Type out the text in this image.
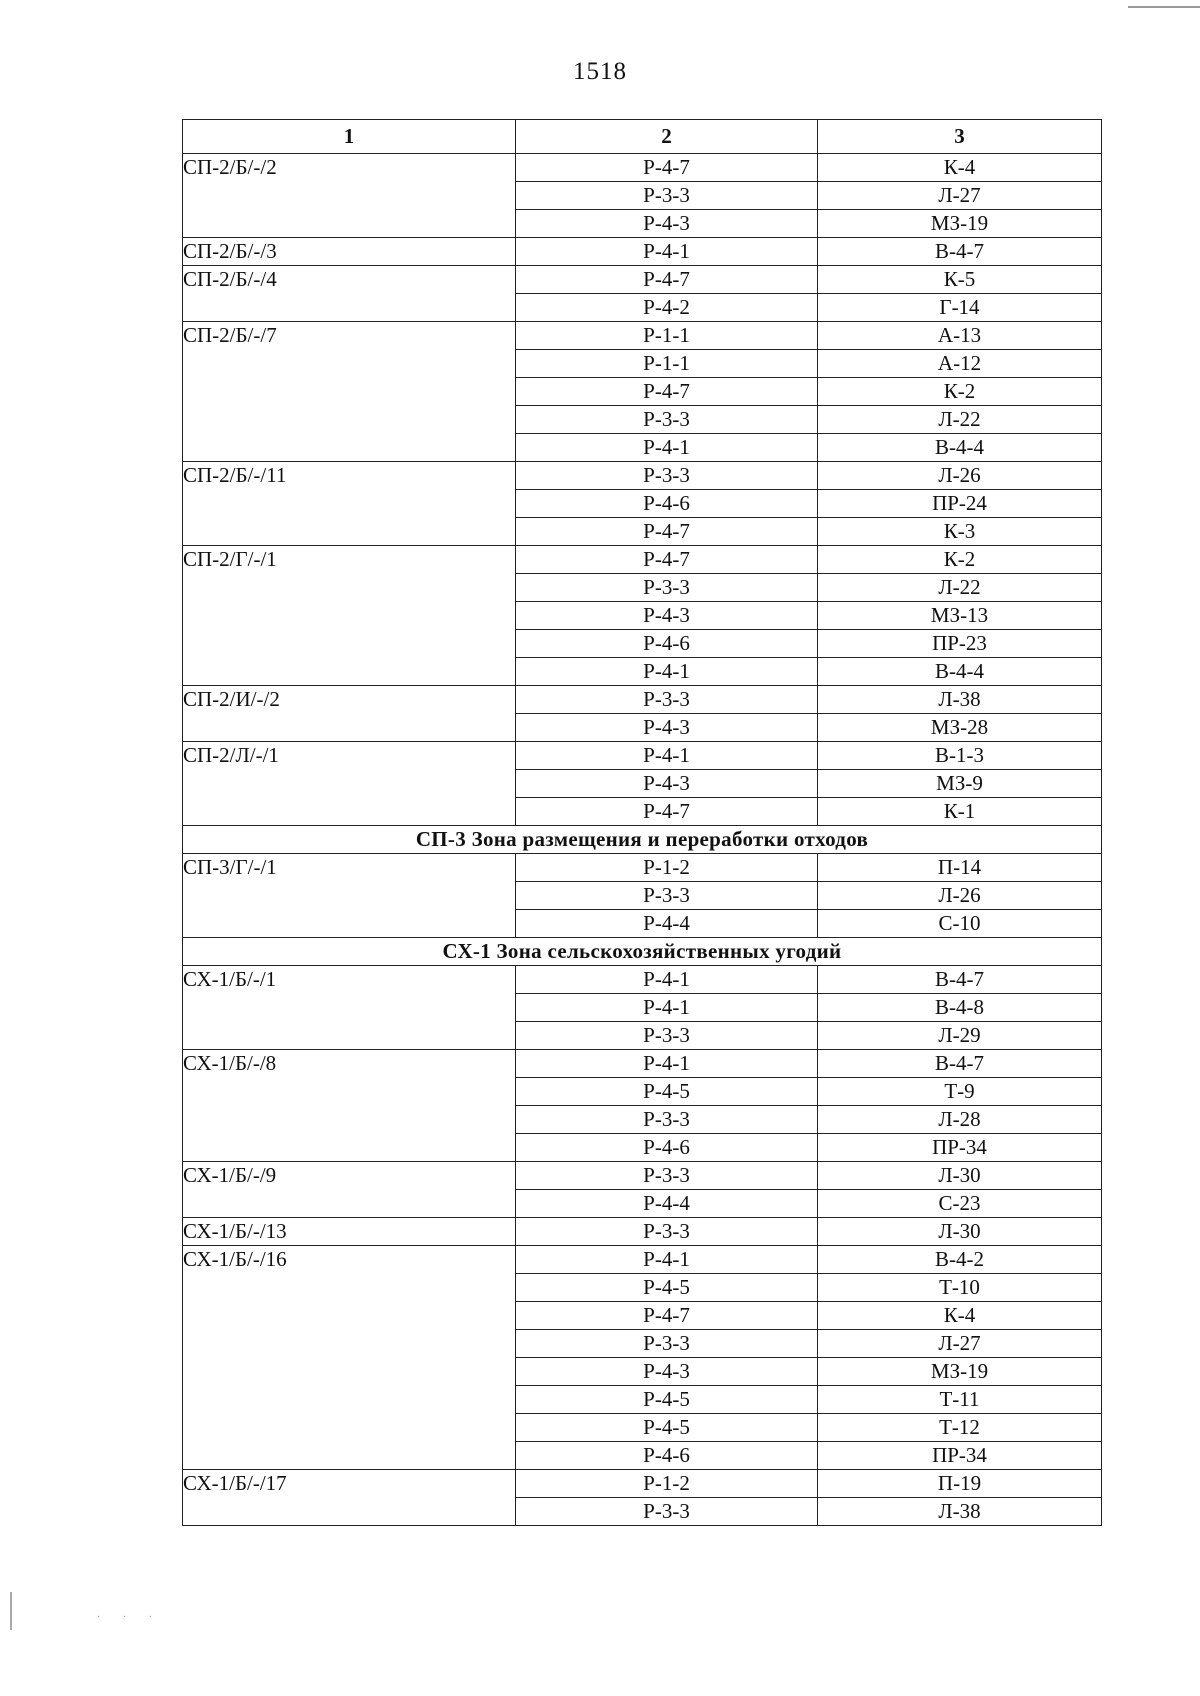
1518
1	2	3
СП-2/Б/-/2	Р-4-7	К-4
	Р-3-3	Л-27
	Р-4-3	МЗ-19
СП-2/Б/-/3	Р-4-1	В-4-7
СП-2/Б/-/4	Р-4-7	К-5
	Р-4-2	Г-14
СП-2/Б/-/7	Р-1-1	А-13
	Р-1-1	А-12
	Р-4-7	К-2
	Р-3-3	Л-22
	Р-4-1	В-4-4
СП-2/Б/-/11	Р-3-3	Л-26
	Р-4-6	ПР-24
	Р-4-7	К-3
СП-2/Г/-/1	Р-4-7	К-2
	Р-3-3	Л-22
	Р-4-3	МЗ-13
	Р-4-6	ПР-23
	Р-4-1	В-4-4
СП-2/И/-/2	Р-3-3	Л-38
	Р-4-3	МЗ-28
СП-2/Л/-/1	Р-4-1	В-1-3
	Р-4-3	МЗ-9
	Р-4-7	К-1
СП-3 Зона размещения и переработки отходов		
СП-3/Г/-/1	Р-1-2	П-14
	Р-3-3	Л-26
	Р-4-4	С-10
СХ-1 Зона сельскохозяйственных угодий		
СХ-1/Б/-/1	Р-4-1	В-4-7
	Р-4-1	В-4-8
	Р-3-3	Л-29
СХ-1/Б/-/8	Р-4-1	В-4-7
	Р-4-5	Т-9
	Р-3-3	Л-28
	Р-4-6	ПР-34
СХ-1/Б/-/9	Р-3-3	Л-30
	Р-4-4	С-23
СХ-1/Б/-/13	Р-3-3	Л-30
СХ-1/Б/-/16	Р-4-1	В-4-2
	Р-4-5	Т-10
	Р-4-7	К-4
	Р-3-3	Л-27
	Р-4-3	МЗ-19
	Р-4-5	Т-11
	Р-4-5	Т-12
	Р-4-6	ПР-34
СХ-1/Б/-/17	Р-1-2	П-19
	Р-3-3	Л-38
· · ·
